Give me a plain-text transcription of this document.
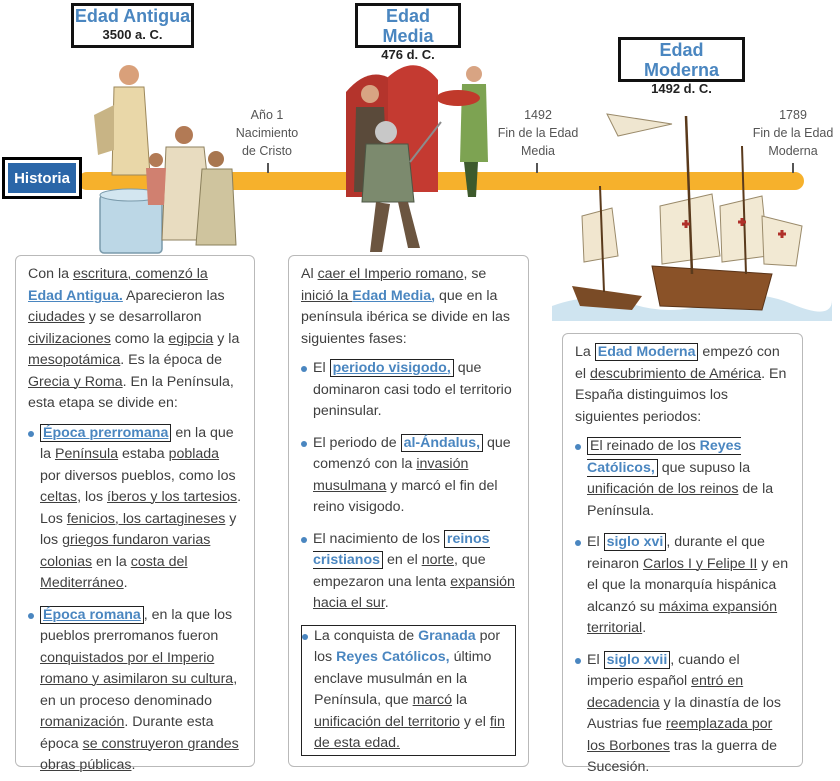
Año 1
Nacimiento
de Cristo
1492
Fin de la Edad
Media
1789
Fin de la Edad
Moderna
Historia
Edad Antigua
3500 a. C.
Edad Media
476 d. C.	Edad Moderna
1492 d. C.

Con la escritura, comenzó la Edad Antigua. Aparecieron las ciudades y se desarrollaron civilizaciones como la egipcia y la mesopotámica. Es la época de Grecia y Roma. En la Península, esta etapa se divide en:

Época prerromana en la que la Península estaba poblada por diversos pueblos, como los celtas, los íberos y los tartesios. Los fenicios, los cartagineses y los griegos fundaron varias colonias en la costa del Mediterráneo.
Época romana , en la que los pueblos prerromanos fueron conquistados por el Imperio romano y asimilaron su cultura, en un proceso denominado romanización. Durante esta época se construyeron grandes obras públicas.

Al caer el Imperio romano, se inició la Edad Media, que en la península ibérica se divide en las siguientes fases:

El periodo visigodo, que dominaron casi todo el territorio peninsular.
El periodo de al-Ándalus, que comenzó con la invasión musulmana y marcó el fin del reino visigodo.
El nacimiento de los reinos cristianos en el norte, que empezaron una lenta expansión hacia el sur.
La conquista de Granada por los Reyes Católicos, último enclave musulmán en la Península, que marcó la unificación del territorio y el fin de esta edad.

La Edad Moderna empezó con el descubrimiento de América. En España distinguimos los siguientes periodos:

El reinado de los Reyes Católicos, que supuso la unificación de los reinos de la Península.
El siglo xvi , durante el que reinaron Carlos I y Felipe II y en el que la monarquía hispánica alcanzó su máxima expansión territorial.
El siglo xvii , cuando el imperio español entró en decadencia y la dinastía de los Austrias fue reemplazada por los Borbones tras la guerra de Sucesión.
